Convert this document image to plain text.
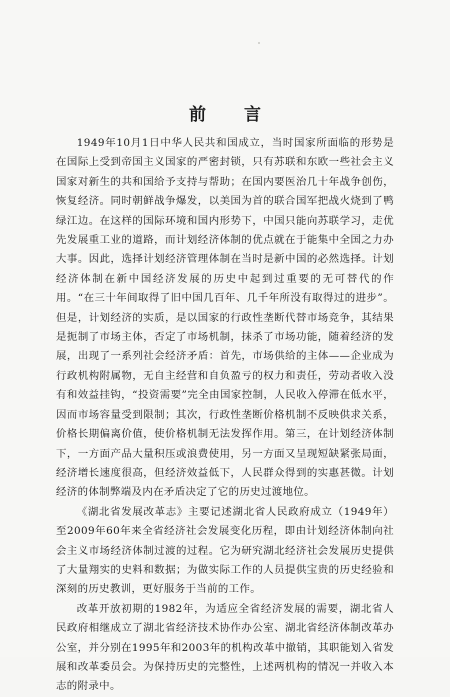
前 言

1949年10月1日中华人民共和国成立，当时国家所面临的形势是在国际上受到帝国主义国家的严密封锁，只有苏联和东欧一些社会主义国家对新生的共和国给予支持与帮助；在国内要医治几十年战争创伤，恢复经济。同时朝鲜战争爆发，以美国为首的联合国军把战火烧到了鸭绿江边。在这样的国际环境和国内形势下，中国只能向苏联学习，走优先发展重工业的道路，而计划经济体制的优点就在于能集中全国之力办大事。因此，选择计划经济管理体制在当时是新中国的必然选择。计划经济体制在新中国经济发展的历史中起到过重要的无可替代的作用。“在三十年间取得了旧中国几百年、几千年所没有取得过的进步”。但是，计划经济的实质，是以国家的行政性垄断代替市场竞争，其结果是扼制了市场主体，否定了市场机制，抹杀了市场功能，随着经济的发展，出现了一系列社会经济矛盾：首先，市场供给的主体——企业成为行政机构附属物，无自主经营和自负盈亏的权力和责任，劳动者收入没有和效益挂钩，“投资需要”完全由国家控制，人民收入停滞在低水平，因而市场容量受到限制；其次，行政性垄断价格机制不反映供求关系，价格长期偏离价值，使价格机制无法发挥作用。第三，在计划经济体制下，一方面产品大量积压或浪费使用，另一方面又呈现短缺紧张局面，经济增长速度很高，但经济效益低下，人民群众得到的实惠甚微。计划经济的体制弊端及内在矛盾决定了它的历史过渡地位。

《湖北省发展改革志》主要记述湖北省人民政府成立（1949年）至2009年60年来全省经济社会发展变化历程，即由计划经济体制向社会主义市场经济体制过渡的过程。它为研究湖北经济社会发展历史提供了大量翔实的史料和数据；为做实际工作的人员提供宝贵的历史经验和深刻的历史教训，更好服务于当前的工作。

改革开放初期的1982年，为适应全省经济发展的需要，湖北省人民政府相继成立了湖北省经济技术协作办公室、湖北省经济体制改革办公室，并分别在1995年和2003年的机构改革中撤销，其职能划入省发展和改革委员会。为保持历史的完整性，上述两机构的情况一并收入本志的附录中。
